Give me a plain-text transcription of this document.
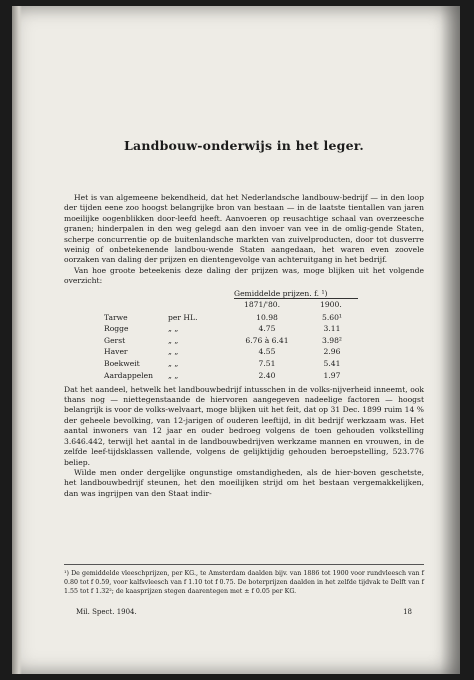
Landbouw-onderwijs in het leger.

Het is van algemeene bekendheid, dat het Nederlandsche landbouw-bedrijf — in den loop der tijden eene zoo hoogst belangrijke bron van bestaan — in de laatste tientallen van jaren moeilijke oogenblikken door-leefd heeft. Aanvoeren op reusachtige schaal van overzeesche granen; hinderpalen in den weg gelegd aan den invoer van vee in de omlig-gende Staten, scherpe concurrentie op de buitenlandsche markten van zuivelproducten, door tot dusverre weinig of onbetekenende landbou-wende Staten aangedaan, het waren even zoovele oorzaken van daling der prijzen en dientengevolge van achteruitgang in het bedrijf.

Van hoe groote beteekenis deze daling der prijzen was, moge blijken uit het volgende overzicht:

Gemiddelde prijzen. f. ¹)
1871/'80.	1900.
Tarwe	per HL.	10.98	5.60¹
Rogge	„ „	4.75	3.11
Gerst	„ „	6.76 à 6.41	3.98²
Haver	„ „	4.55	2.96
Boekweit	„ „	7.51	5.41
Aardappelen „ „	2.40	1.97

Dat het aandeel, hetwelk het landbouwbedrijf intusschen in de volks-nijverheid inneemt, ook thans nog — niettegenstaande de hiervoren aangegeven nadeelige factoren — hoogst belangrijk is voor de volks-welvaart, moge blijken uit het feit, dat op 31 Dec. 1899 ruim 14 % der geheele bevolking, van 12-jarigen of ouderen leeftijd, in dit bedrijf werkzaam was. Het aantal inwoners van 12 jaar en ouder bedroeg volgens de toen gehouden volkstelling 3.646.442, terwijl het aantal in de landbouwbedrijven werkzame mannen en vrouwen, in de zelfde leef-tijdsklassen vallende, volgens de gelijktijdig gehouden beroepstelling, 523.776 beliep.

Wilde men onder dergelijke ongunstige omstandigheden, als de hier-boven geschetste, het landbouwbedrijf steunen, het den moeilijken strijd om het bestaan vergemakkelijken, dan was ingrijpen van den Staat indir-

¹) De gemiddelde vleeschprijzen, per KG., te Amsterdam daalden bijv. van 1886 tot 1900 voor rundvleesch van f 0.80 tot f 0.59, voor kalfsvleesch van f 1.10 tot f 0.75. De boterprijzen daalden in het zelfde tijdvak te Delft van f 1.55 tot f 1.32²; de kaasprijzen stegen daarentegen met ± f 0.05 per KG.

Mil. Spect. 1904.	18
